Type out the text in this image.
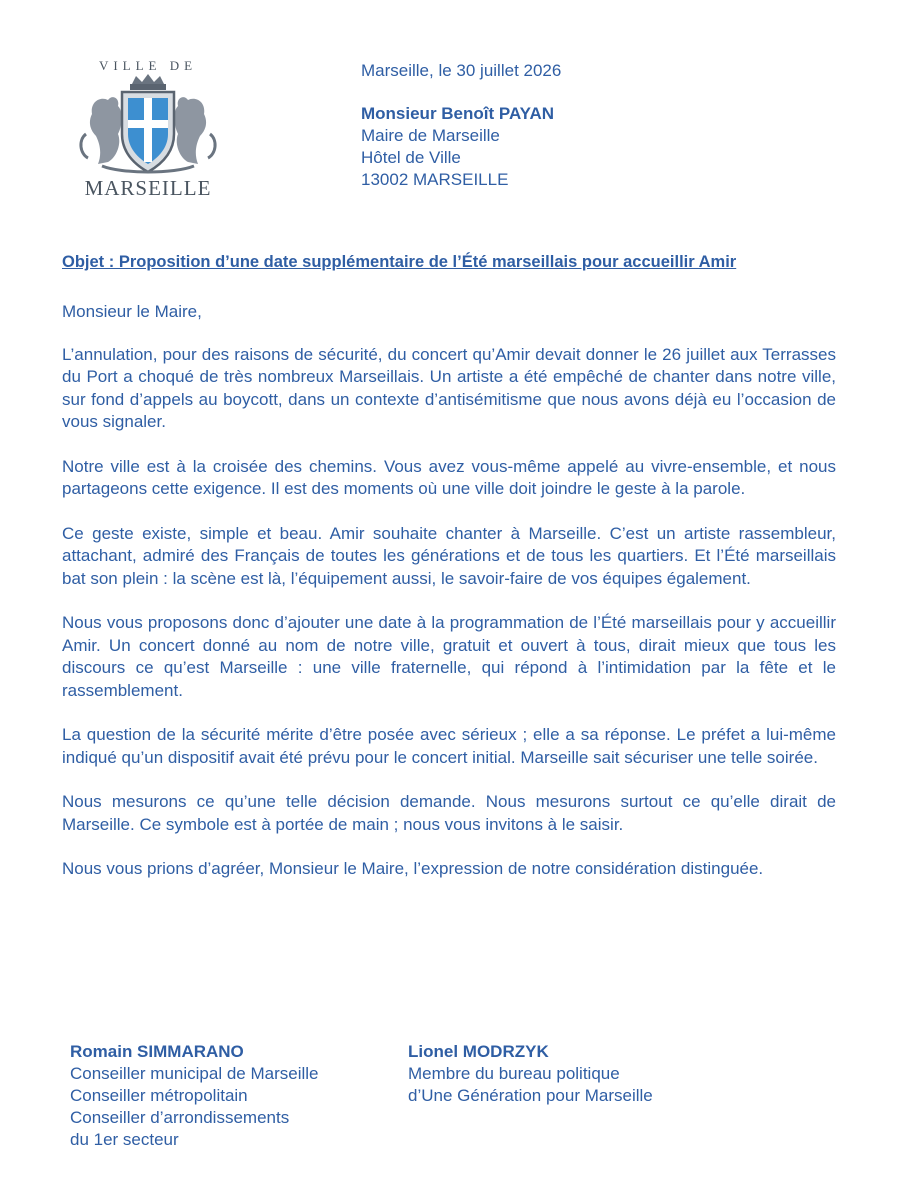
VILLE DE
MARSEILLE

Marseille, le 30 juillet 2026

Monsieur Benoît PAYAN

Maire de Marseille

Hôtel de Ville

13002 MARSEILLE

Objet : Proposition d’une date supplémentaire de l’Été marseillais pour accueillir Amir

Monsieur le Maire,

L’annulation, pour des raisons de sécurité, du concert qu’Amir devait donner le 26 juillet aux Terrasses du Port a choqué de très nombreux Marseillais. Un artiste a été empêché de chanter dans notre ville, sur fond d’appels au boycott, dans un contexte d’antisémitisme que nous avons déjà eu l’occasion de vous signaler.

Notre ville est à la croisée des chemins. Vous avez vous-même appelé au vivre-ensemble, et nous partageons cette exigence. Il est des moments où une ville doit joindre le geste à la parole.

Ce geste existe, simple et beau. Amir souhaite chanter à Marseille. C’est un artiste rassembleur, attachant, admiré des Français de toutes les générations et de tous les quartiers. Et l’Été marseillais bat son plein : la scène est là, l’équipement aussi, le savoir-faire de vos équipes également.

Nous vous proposons donc d’ajouter une date à la programmation de l’Été marseillais pour y accueillir Amir. Un concert donné au nom de notre ville, gratuit et ouvert à tous, dirait mieux que tous les discours ce qu’est Marseille : une ville fraternelle, qui répond à l’intimidation par la fête et le rassemblement.

La question de la sécurité mérite d’être posée avec sérieux ; elle a sa réponse. Le préfet a lui-même indiqué qu’un dispositif avait été prévu pour le concert initial. Marseille sait sécuriser une telle soirée.

Nous mesurons ce qu’une telle décision demande. Nous mesurons surtout ce qu’elle dirait de Marseille. Ce symbole est à portée de main ; nous vous invitons à le saisir.

Nous vous prions d’agréer, Monsieur le Maire, l’expression de notre considération distinguée.

Romain SIMMARANO

Conseiller municipal de Marseille

Conseiller métropolitain

Conseiller d’arrondissements

du 1er secteur

Lionel MODRZYK

Membre du bureau politique

d’Une Génération pour Marseille
